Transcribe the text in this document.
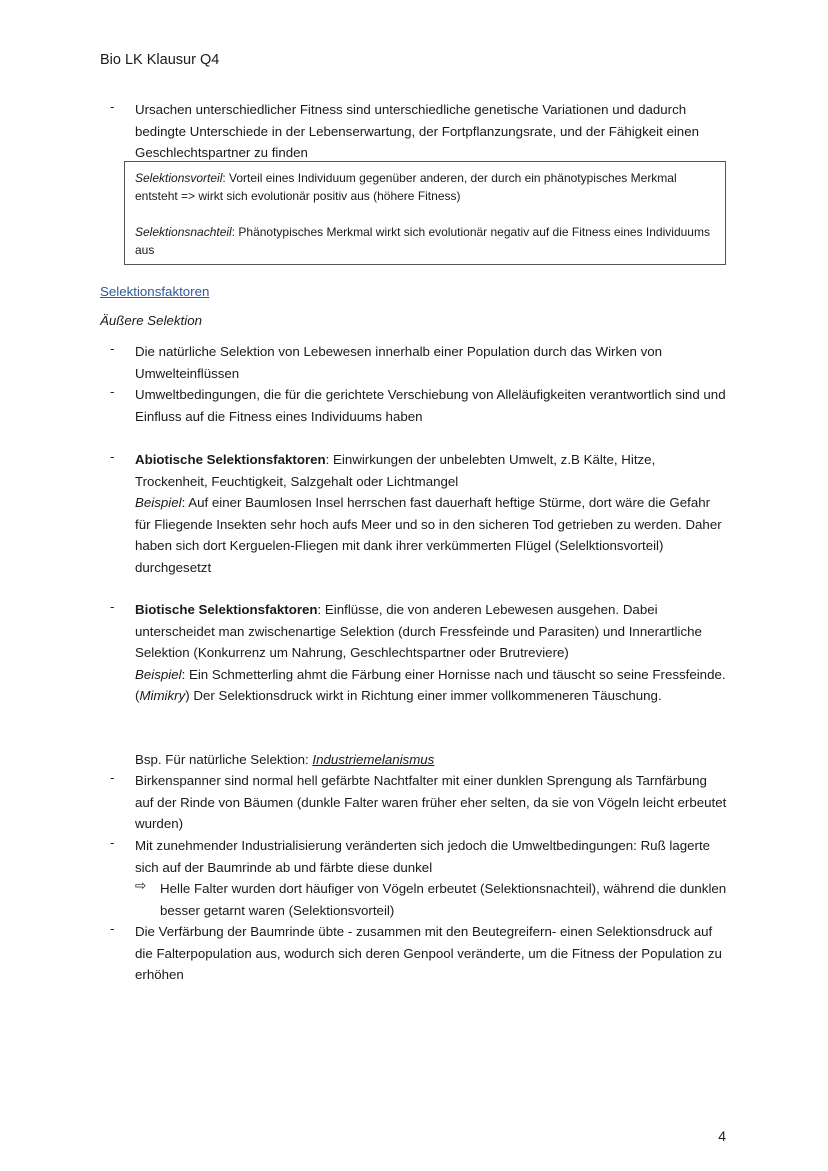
Bio LK Klausur Q4
- Ursachen unterschiedlicher Fitness sind unterschiedliche genetische Variationen und dadurch bedingte Unterschiede in der Lebenserwartung, der Fortpflanzungsrate, und der Fähigkeit einen Geschlechtspartner zu finden

Selektionsvorteil: Vorteil eines Individuum gegenüber anderen, der durch ein phänotypisches Merkmal entsteht => wirkt sich evolutionär positiv aus (höhere Fitness)

Selektionsnachteil: Phänotypisches Merkmal wirkt sich evolutionär negativ auf die Fitness eines Individuums aus

Selektionsfaktoren
Äußere Selektion
- Die natürliche Selektion von Lebewesen innerhalb einer Population durch das Wirken von Umwelteinflüssen
- Umweltbedingungen, die für die gerichtete Verschiebung von Alleläufigkeiten verantwortlich sind und Einfluss auf die Fitness eines Individuums haben
- Abiotische Selektionsfaktoren: Einwirkungen der unbelebten Umwelt, z.B Kälte, Hitze, Trockenheit, Feuchtigkeit, Salzgehalt oder Lichtmangel
Beispiel: Auf einer Baumlosen Insel herrschen fast dauerhaft heftige Stürme, dort wäre die Gefahr für Fliegende Insekten sehr hoch aufs Meer und so in den sicheren Tod getrieben zu werden. Daher haben sich dort Kerguelen-Fliegen mit dank ihrer verkümmerten Flügel (Selelktionsvorteil) durchgesetzt
- Biotische Selektionsfaktoren: Einflüsse, die von anderen Lebewesen ausgehen. Dabei unterscheidet man zwischenartige Selektion (durch Fressfeinde und Parasiten) und Innerartliche Selektion (Konkurrenz um Nahrung, Geschlechtspartner oder Brutreviere)
Beispiel: Ein Schmetterling ahmt die Färbung einer Hornisse nach und täuscht so seine Fressfeinde. (Mimikry) Der Selektionsdruck wirkt in Richtung einer immer vollkommeneren Täuschung.
Bsp. Für natürliche Selektion: Industriemelanismus
- Birkenspanner sind normal hell gefärbte Nachtfalter mit einer dunklen Sprengung als Tarnfärbung auf der Rinde von Bäumen (dunkle Falter waren früher eher selten, da sie von Vögeln leicht erbeutet wurden)
- Mit zunehmender Industrialisierung veränderten sich jedoch die Umweltbedingungen: Ruß lagerte sich auf der Baumrinde ab und färbte diese dunkel
⇨ Helle Falter wurden dort häufiger von Vögeln erbeutet (Selektionsnachteil), während die dunklen besser getarnt waren (Selektionsvorteil)
- Die Verfärbung der Baumrinde übte - zusammen mit den Beutegreifern- einen Selektionsdruck auf die Falterpopulation aus, wodurch sich deren Genpool veränderte, um die Fitness der Population zu erhöhen
4
